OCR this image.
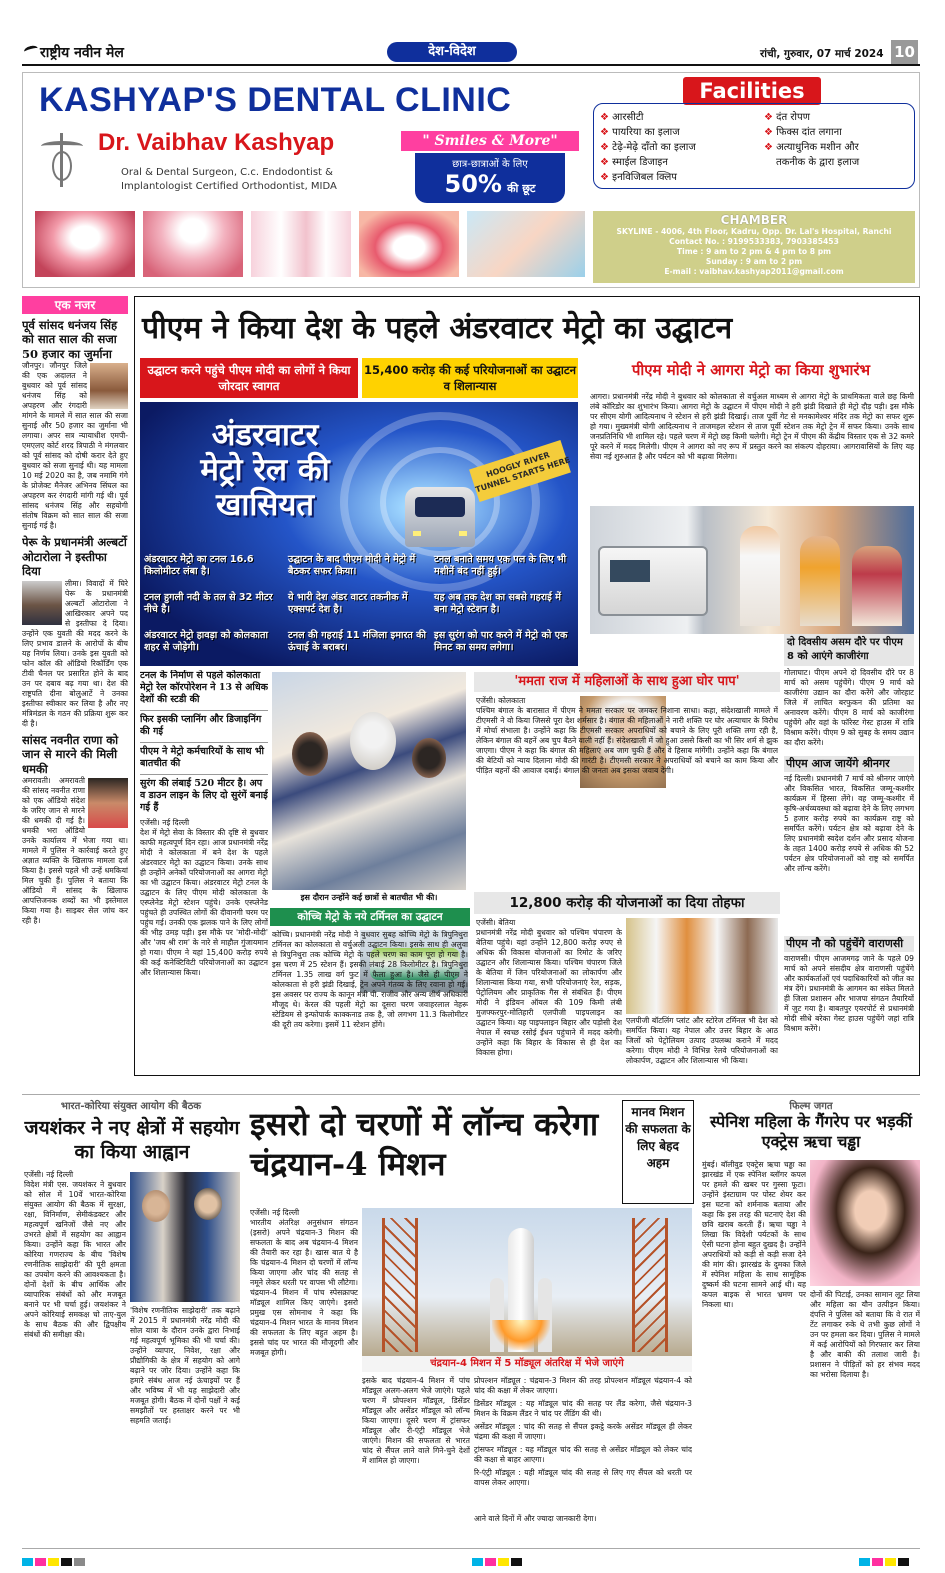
राष्ट्रीय नवीन मेल	देश-विदेश	रांची, गुरुवार, 07 मार्च 2024 10
KASHYAP'S DENTAL CLINIC
Dr. Vaibhav Kashyap
Oral & Dental Surgeon, C.c. Endodontist &
Implantologist Certified Orthodontist, MIDA
" Smiles & More"
छात्र-छात्राओं के लिए
50% की छूट
Facilities
❖ आरसीटी
❖ पायरिया का इलाज
❖ टेढ़े-मेढ़े दाँतो का इलाज
❖ स्माईल डिजाइन
❖ इनविजिबल क्लिप
❖ दंत रोपण
❖ फिक्स दांत लगाना
❖ अत्याधुनिक मशीन और
तकनीक के द्वारा इलाज
CHAMBER
SKYLINE - 4006, 4th Floor, Kadru, Opp. Dr. Lal's Hospital, Ranchi
Contact No. : 9199533383, 7903385453
Time : 9 am to 2 pm & 4 pm to 8 pm
Sunday : 9 am to 2 pm
E-mail : vaibhav.kashyap2011@gmail.com
एक नजर
पूर्व सांसद धनंजय सिंह को सात साल की सजा 50 हजार का जुर्माना
जौनपुर। जौनपुर जिले की एक अदालत ने बुधवार को पूर्व सांसद धनंजय सिंह को अपहरण और रंगदारी मांगने के मामले में सात साल की सजा सुनाई और 50 हजार का जुर्माना भी लगाया। अपर सत्र न्यायाधीश एमपी-एमएलए कोर्ट शरद त्रिपाठी ने मंगलवार को पूर्व सांसद को दोषी करार देते हुए बुधवार को सजा सुनाई थी। यह मामला 10 मई 2020 का है, जब नमामि गंगे के प्रोजेक्ट मैनेजर अभिनव सिंघल का अपहरण कर रंगदारी मांगी गई थी। पूर्व सांसद धनंजय सिंह और सहयोगी संतोष विक्रम को सात साल की सजा सुनाई गई है।
पेरू के प्रधानमंत्री अल्बर्टो ओटारोला ने इस्तीफा दिया
लीमा। विवादों में घिरे पेरू के प्रधानमंत्री अल्बर्टो ओटारोला ने आखिरकार अपने पद से इस्तीफा दे दिया। उन्होंने एक युवती की मदद करने के लिए प्रभाव डालने के आरोपों के बीच यह निर्णय लिया। उनके इस युवती को फोन कॉल की ऑडियो रिकॉर्डिंग एक टीवी चैनल पर प्रसारित होने के बाद उन पर दबाव बढ़ गया था। देश की राष्ट्रपति दीना बोलुआर्टे ने उनका इस्तीफा स्वीकार कर लिया है और नए मंत्रिमंडल के गठन की प्रक्रिया शुरू कर दी है।
सांसद नवनीत राणा को जान से मारने की मिली धमकी
अमरावती। अमरावती की सांसद नवनीत राणा को एक ऑडियो संदेश के जरिए जान से मारने की धमकी दी गई है। धमकी भरा ऑडियो उनके कार्यालय में भेजा गया था। मामले में पुलिस ने कार्रवाई करते हुए अज्ञात व्यक्ति के खिलाफ मामला दर्ज किया है। इससे पहले भी उन्हें धमकियां मिल चुकी हैं। पुलिस ने बताया कि ऑडियो में सांसद के खिलाफ आपत्तिजनक शब्दों का भी इस्तेमाल किया गया है। साइबर सेल जांच कर रही है।
पीएम ने किया देश के पहले अंडरवाटर मेट्रो का उद्घाटन
उद्घाटन करने पहुंचे पीएम मोदी का लोगों ने किया जोरदार स्वागत
15,400 करोड़ की कई परियोजनाओं का उद्घाटन व शिलान्यास
पीएम मोदी ने आगरा मेट्रो का किया शुभारंभ
HOOGLY RIVER
TUNNEL STARTS HERE
अंडरवाटर
मेट्रो रेल की
खासियत
अंडरवाटर मेट्रो का टनल 16.6 किलोमीटर लंबा है।
उद्घाटन के बाद पीएम मोदी ने मेट्रो में बैठकर सफर किया।
टनल बनाते समय एक पल के लिए भी मशीनें बंद नहीं हुई।
टनल हुगली नदी के तल से 32 मीटर नीचे है।
ये भारी देश अंडर वाटर तकनीक में एक्सपर्ट देश है।
यह अब तक देश का सबसे गहराई में बना मेट्रो स्टेशन है।
अंडरवाटर मेट्रो हावड़ा को कोलकाता शहर से जोड़ेगी।
टनल की गहराई 11 मंजिला इमारत की ऊंचाई के बराबर।
इस सुरंग को पार करने में मेट्रो को एक मिनट का समय लगेगा।
आगरा। प्रधानमंत्री नरेंद्र मोदी ने बुधवार को कोलकाता से वर्चुअल माध्यम से आगरा मेट्रो के प्राथमिकता वाले छह किमी लंबे कॉरिडोर का शुभारंभ किया। आगरा मेट्रो के उद्घाटन में पीएम मोदी ने हरी झंडी दिखाते ही मेट्रो दौड़ पड़ी। इस मौके पर सीएम योगी आदित्यनाथ ने स्टेशन से हरी झंडी दिखाई। ताज पूर्वी गेट से मनकामेश्वर मंदिर तक मेट्रो का सफर शुरू हो गया। मुख्यमंत्री योगी आदित्यनाथ ने ताजमहल स्टेशन से ताज पूर्वी स्टेशन तक मेट्रो ट्रेन में सफर किया। उनके साथ जनप्रतिनिधि भी शामिल रहे। पहले चरण में मेट्रो छह किमी चलेगी। मेट्रो ट्रेन में पीएम की केंद्रीय विस्तार एक से 32 कमरे पूरे करने में मदद मिलेगी। पीएम ने आगरा को नए रूप में प्रस्तुत करने का संकल्प दोहराया। आगरावासियों के लिए यह सेवा नई शुरुआत है और पर्यटन को भी बढ़ावा मिलेगा।
दो दिवसीय असम दौरे पर पीएम 8 को आएंगे काजीरंगा
गोलाघाट। पीएम अपने दो दिवसीय दौरे पर 8 मार्च को असम पहुंचेंगे। पीएम 9 मार्च को काजीरंगा उद्यान का दौरा करेंगे और जोरहाट जिले में लाचित बरफुकन की प्रतिमा का अनावरण करेंगे। पीएम 8 मार्च को काजीरंगा पहुंचेंगे और वहां के फॉरेस्ट गेस्ट हाउस में रात्रि विश्राम करेंगे। पीएम 9 को सुबह के समय उद्यान का दौरा करेंगे।
पीएम आज जायेंगे श्रीनगर
नई दिल्ली। प्रधानमंत्री 7 मार्च को श्रीनगर जाएंगे और विकसित भारत, विकसित जम्मू-कश्मीर कार्यक्रम में हिस्सा लेंगे। वह जम्मू-कश्मीर में कृषि-अर्थव्यवस्था को बढ़ावा देने के लिए लगभग 5 हजार करोड़ रुपये का कार्यक्रम राष्ट्र को समर्पित करेंगे। पर्यटन क्षेत्र को बढ़ावा देने के लिए प्रधानमंत्री स्वदेश दर्शन और प्रसाद योजना के तहत 1400 करोड़ रुपये से अधिक की 52 पर्यटन क्षेत्र परियोजनाओं को राष्ट्र को समर्पित और लॉन्च करेंगे।
पीएम नौ को पहुंचेंगे वाराणसी
वाराणसी। पीएम आजमगढ़ जाने के पहले 09 मार्च को अपने संसदीय क्षेत्र वाराणसी पहुंचेंगे और कार्यकर्ताओं एवं पदाधिकारियों को जीत का मंत्र देंगे। प्रधानमंत्री के आगमन का संकेत मिलते ही जिला प्रशासन और भाजपा संगठन तैयारियों में जुट गया है। बाबतपुर एयरपोर्ट से प्रधानमंत्री मोदी सीधे बरेका गेस्ट हाउस पहुंचेंगे जहां रात्रि विश्राम करेंगे।
टनल के निर्माण से पहले कोलकाता मेट्रो रेल कॉरपोरेशन ने 13 से अधिक देशों की स्टडी की
फिर इसकी प्लानिंग और डिजाइनिंग की गई
पीएम ने मेट्रो कर्मचारियों के साथ भी बातचीत की
सुरंग की लंबाई 520 मीटर है। अप व डाउन लाइन के लिए दो सुरंगें बनाई गई हैं
एजेंसी। नई दिल्ली
देश में मेट्रो सेवा के विस्तार की दृष्टि से बुधवार काफी महत्वपूर्ण दिन रहा। आज प्रधानमंत्री नरेंद्र मोदी ने कोलकाता में बने देश के पहले अंडरवाटर मेट्रो का उद्घाटन किया। उनके साथ ही उन्होंने अनेकों परियोजनाओं का आगरा मेट्रो का भी उद्घाटन किया। अंडरवाटर मेट्रो टनल के उद्घाटन के लिए पीएम मोदी कोलकाता के एस्प्लेनेड मेट्रो स्टेशन पहुंचे। उनके एस्प्लेनेड पहुंचते ही उपस्थित लोगों की दीवानगी चरम पर पहुंच गई। उनकी एक झलक पाने के लिए लोगों की भीड़ उमड़ पड़ी। इस मौके पर 'मोदी-मोदी' और 'जय श्री राम' के नारे से माहौल गुंजायमान हो गया। पीएम ने यहां 15,400 करोड़ रुपये की कई कनेक्टिविटी परियोजनाओं का उद्घाटन और शिलान्यास किया।
इस दौरान उन्होंने कई छात्रों से बातचीत भी की।
कोच्चि मेट्रो के नये टर्मिनल का उद्घाटन
कोच्चि। प्रधानमंत्री नरेंद्र मोदी ने बुधवार सुबह कोच्चि मेट्रो के त्रिपुनिथुरा टर्मिनल का कोलकाता से वर्चुअली उद्घाटन किया। इसके साथ ही अलुवा से त्रिपुनिथुरा तक कोच्चि मेट्रो के पहले चरण का काम पूरा हो गया है। इस चरण में 25 स्टेशन हैं। इसकी लंबाई 28 किलोमीटर है। त्रिपुनिथुरा टर्मिनल 1.35 लाख वर्ग फुट में फैला हुआ है। जैसे ही पीएम ने कोलकाता से हरी झंडी दिखाई, ट्रेन अपने गंतव्य के लिए रवाना हो गई। इस अवसर पर राज्य के कानून मंत्री पी. राजीव और अन्य शीर्ष अधिकारी मौजूद थे। केरल की पहली मेट्रो का दूसरा चरण जवाहरलाल नेहरू स्टेडियम से इन्फोपार्क काक्कनाड तक है, जो लगभग 11.3 किलोमीटर की दूरी तय करेगा। इसमें 11 स्टेशन होंगे।
'ममता राज में महिलाओं के साथ हुआ घोर पाप'
एजेंसी। कोलकाता
पश्चिम बंगाल के बारासात में पीएम ने ममता सरकार पर जमकर निशाना साधा। कहा, संदेशखाली मामले में टीएमसी ने वो किया जिससे पूरा देश शर्मसार है। बंगाल की महिलाओं ने नारी शक्ति पर घोर अत्याचार के विरोध में मोर्चा संभाला है। उन्होंने कहा कि टीएमसी सरकार अपराधियों को बचाने के लिए पूरी शक्ति लगा रही है, लेकिन बंगाल की बहनें अब चुप बैठने वाली नहीं हैं। संदेशखाली में जो हुआ उससे किसी का भी सिर शर्म से झुक जाएगा। पीएम ने कहा कि बंगाल की महिलाएं अब जाग चुकी हैं और वे हिसाब मांगेंगी। उन्होंने कहा कि बंगाल की बेटियों को न्याय दिलाना मोदी की गारंटी है। टीएमसी सरकार ने अपराधियों को बचाने का काम किया और पीड़ित बहनों की आवाज दबाई। बंगाल की जनता अब इसका जवाब देगी।
12,800 करोड़ की योजनाओं का दिया तोहफा
एजेंसी। बेतिया
प्रधानमंत्री नरेंद्र मोदी बुधवार को पश्चिम चंपारण के बेतिया पहुंचे। यहां उन्होंने 12,800 करोड़ रुपए से अधिक की विकास योजनाओं का रिमोट के जरिए उद्घाटन और शिलान्यास किया। पश्चिम चंपारण जिले के बेतिया में जिन परियोजनाओं का लोकार्पण और शिलान्यास किया गया, सभी परियोजनाएं रेल, सड़क, पेट्रोलियम और प्राकृतिक गैस से संबंधित हैं। पीएम मोदी ने इंडियन ऑयल की 109 किमी लंबी मुजफ्फरपुर-मोतिहारी एलपीजी पाइपलाइन का उद्घाटन किया। यह पाइपलाइन बिहार और पड़ोसी देश नेपाल में स्वच्छ रसोई ईंधन पहुंचाने में मदद करेगी। उन्होंने कहा कि बिहार के विकास से ही देश का विकास होगा।
एलपीजी बॉटलिंग प्लांट और स्टोरेज टर्मिनल भी देश को समर्पित किया। यह नेपाल और उत्तर बिहार के आठ जिलों को पेट्रोलियम उत्पाद उपलब्ध कराने में मदद करेगा। पीएम मोदी ने विभिन्न रेलवे परियोजनाओं का लोकार्पण, उद्घाटन और शिलान्यास भी किया।
भारत-कोरिया संयुक्त आयोग की बैठक
जयशंकर ने नए क्षेत्रों में सहयोग का किया आह्वान
एजेंसी। नई दिल्ली
विदेश मंत्री एस. जयशंकर ने बुधवार को सोल में 10वें भारत-कोरिया संयुक्त आयोग की बैठक में सुरक्षा, रक्षा, विनिर्माण, सेमीकंडक्टर और महत्वपूर्ण खनिजों जैसे नए और उभरते क्षेत्रों में सहयोग का आह्वान किया। उन्होंने कहा कि भारत और कोरिया गणराज्य के बीच 'विशेष रणनीतिक साझेदारी' की पूरी क्षमता का उपयोग करने की आवश्यकता है। दोनों देशों के बीच आर्थिक और व्यापारिक संबंधों को और मजबूत बनाने पर भी चर्चा हुई। जयशंकर ने अपने कोरियाई समकक्ष चो ताए-युल के साथ बैठक की और द्विपक्षीय संबंधों की समीक्षा की।
'विशेष रणनीतिक साझेदारी' तक बढ़ाने में 2015 में प्रधानमंत्री नरेंद्र मोदी की सोल यात्रा के दौरान उनके द्वारा निभाई गई महत्वपूर्ण भूमिका की भी चर्चा की। उन्होंने व्यापार, निवेश, रक्षा और प्रौद्योगिकी के क्षेत्र में सहयोग को आगे बढ़ाने पर जोर दिया। उन्होंने कहा कि हमारे संबंध आज नई ऊंचाइयों पर हैं और भविष्य में भी यह साझेदारी और मजबूत होगी। बैठक में दोनों पक्षों ने कई समझौतों पर हस्ताक्षर करने पर भी सहमति जताई।
इसरो दो चरणों में लॉन्च करेगा चंद्रयान-4 मिशन
मानव मिशन की सफलता के लिए बेहद अहम
एजेंसी। नई दिल्ली
भारतीय अंतरिक्ष अनुसंधान संगठन (इसरो) अपने चंद्रयान-3 मिशन की सफलता के बाद अब चंद्रयान-4 मिशन की तैयारी कर रहा है। खास बात ये है कि चंद्रयान-4 मिशन दो चरणों में लॉन्च किया जाएगा और चांद की सतह से नमूने लेकर धरती पर वापस भी लौटेगा। चंद्रयान-4 मिशन में पांच स्पेसक्राफ्ट मॉड्यूल शामिल किए जाएंगे। इसरो प्रमुख एस सोमनाथ ने कहा कि चंद्रयान-4 मिशन भारत के मानव मिशन की सफलता के लिए बहुत अहम है। इससे चांद पर भारत की मौजूदगी और मजबूत होगी।
चंद्रयान-4 मिशन में 5 मॉड्यूल अंतरिक्ष में भेजे जाएंगे
इसके बाद चंद्रयान-4 मिशन में पांच मॉड्यूल अलग-अलग भेजे जाएंगे। पहले चरण में प्रोपल्शन मॉड्यूल, डिसेंडर मॉड्यूल और असेंडर मॉड्यूल को लॉन्च किया जाएगा। दूसरे चरण में ट्रांसफर मॉड्यूल और री-एंट्री मॉड्यूल भेजे जाएंगे। मिशन की सफलता से भारत चांद से सैंपल लाने वाले गिने-चुने देशों में शामिल हो जाएगा।
प्रोपल्शन मॉड्यूल : चंद्रयान-3 मिशन की तरह प्रोपल्शन मॉड्यूल चंद्रयान-4 को चांद की कक्षा में लेकर जाएगा।
डिसेंडर मॉड्यूल : यह मॉड्यूल चांद की सतह पर लैंड करेगा, जैसे चंद्रयान-3 मिशन के विक्रम लैंडर ने चांद पर लैंडिंग की थी।
असेंडर मॉड्यूल : चांद की सतह से सैंपल इकट्ठे करके असेंडर मॉड्यूल ही लेकर चंद्रमा की कक्षा में जाएगा।
ट्रांसफर मॉड्यूल : यह मॉड्यूल चांद की सतह से असेंडर मॉड्यूल को लेकर चांद की कक्षा से बाहर आएगा।
रि-एंट्री मॉड्यूल : यही मॉड्यूल चांद की सतह से लिए गए सैंपल को धरती पर वापस लेकर आएगा।
आने वाले दिनों में और ज्यादा जानकारी देगा।
फिल्म जगत
स्पेनिश महिला के गैंगरेप पर भड़कीं एक्ट्रेस ऋचा चड्ढा
मुंबई। बॉलीवुड एक्ट्रेस ऋचा चड्ढा का झारखंड में एक स्पेनिश ब्लॉगर कपल पर हमले की खबर पर गुस्सा फूटा। उन्होंने इंस्टाग्राम पर पोस्ट शेयर कर इस घटना को शर्मनाक बताया और कहा कि इस तरह की घटनाएं देश की छवि खराब करती हैं। ऋचा चड्ढा ने लिखा कि विदेशी पर्यटकों के साथ ऐसी घटना होना बहुत दुखद है। उन्होंने अपराधियों को कड़ी से कड़ी सजा देने की मांग की। झारखंड के दुमका जिले में स्पेनिश महिला के साथ सामूहिक दुष्कर्म की घटना सामने आई थी। यह कपल बाइक से भारत भ्रमण पर निकला था।
दोनों की पिटाई, उनका सामान लूट लिया और महिला का यौन उत्पीड़न किया। दंपत्ति ने पुलिस को बताया कि वे रात में टेंट लगाकर रुके थे तभी कुछ लोगों ने उन पर हमला कर दिया। पुलिस ने मामले में कई आरोपियों को गिरफ्तार कर लिया है और बाकी की तलाश जारी है। प्रशासन ने पीड़ितों को हर संभव मदद का भरोसा दिलाया है।
